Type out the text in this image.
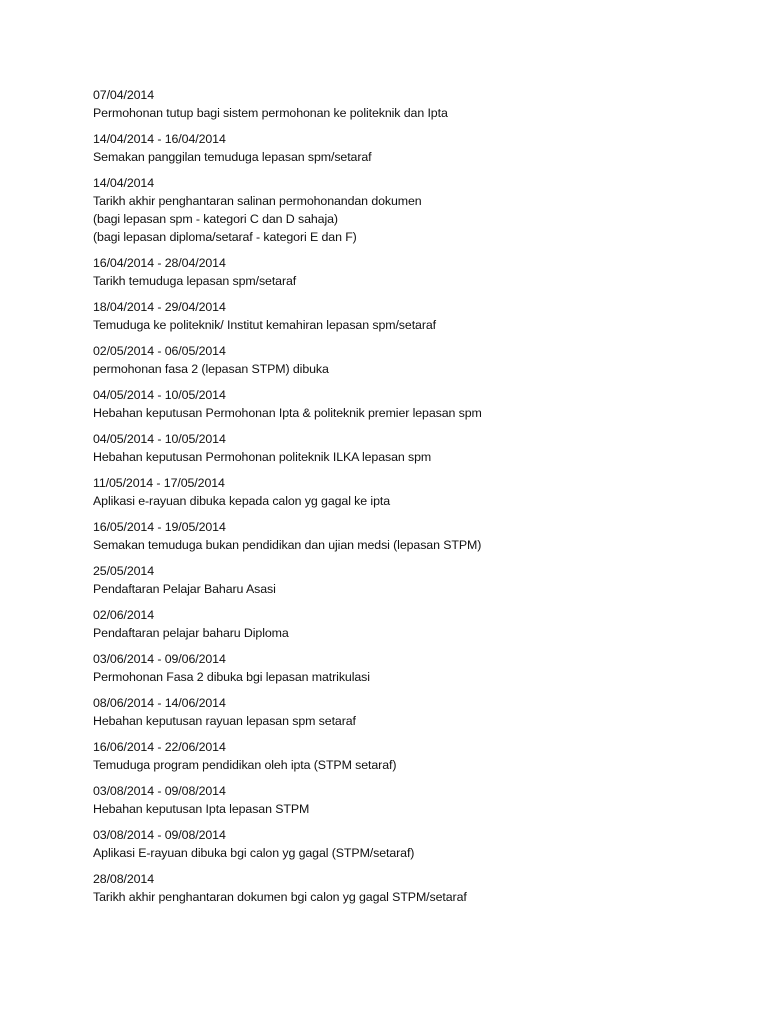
07/04/2014
Permohonan tutup bagi sistem permohonan ke politeknik dan Ipta
14/04/2014 - 16/04/2014
Semakan panggilan temuduga lepasan spm/setaraf
14/04/2014
Tarikh akhir penghantaran salinan permohonandan dokumen
(bagi lepasan spm - kategori C dan D sahaja)
(bagi lepasan diploma/setaraf - kategori E dan F)
16/04/2014 - 28/04/2014
Tarikh temuduga lepasan spm/setaraf
18/04/2014 - 29/04/2014
Temuduga ke politeknik/ Institut kemahiran lepasan spm/setaraf
02/05/2014 - 06/05/2014
permohonan fasa 2 (lepasan STPM) dibuka
04/05/2014 - 10/05/2014
Hebahan keputusan Permohonan Ipta & politeknik premier lepasan spm
04/05/2014 - 10/05/2014
Hebahan keputusan Permohonan politeknik ILKA lepasan spm
11/05/2014 - 17/05/2014
Aplikasi e-rayuan dibuka kepada calon yg gagal ke ipta
16/05/2014 - 19/05/2014
Semakan temuduga bukan pendidikan dan ujian medsi (lepasan STPM)
25/05/2014
Pendaftaran Pelajar Baharu Asasi
02/06/2014
Pendaftaran pelajar baharu Diploma
03/06/2014 - 09/06/2014
Permohonan Fasa 2 dibuka bgi lepasan matrikulasi
08/06/2014 - 14/06/2014
Hebahan keputusan rayuan lepasan spm setaraf
16/06/2014 - 22/06/2014
Temuduga program pendidikan oleh ipta (STPM setaraf)
03/08/2014 - 09/08/2014
Hebahan keputusan Ipta lepasan STPM
03/08/2014 - 09/08/2014
Aplikasi E-rayuan dibuka bgi calon yg gagal (STPM/setaraf)
28/08/2014
Tarikh akhir penghantaran dokumen bgi calon yg gagal STPM/setaraf
